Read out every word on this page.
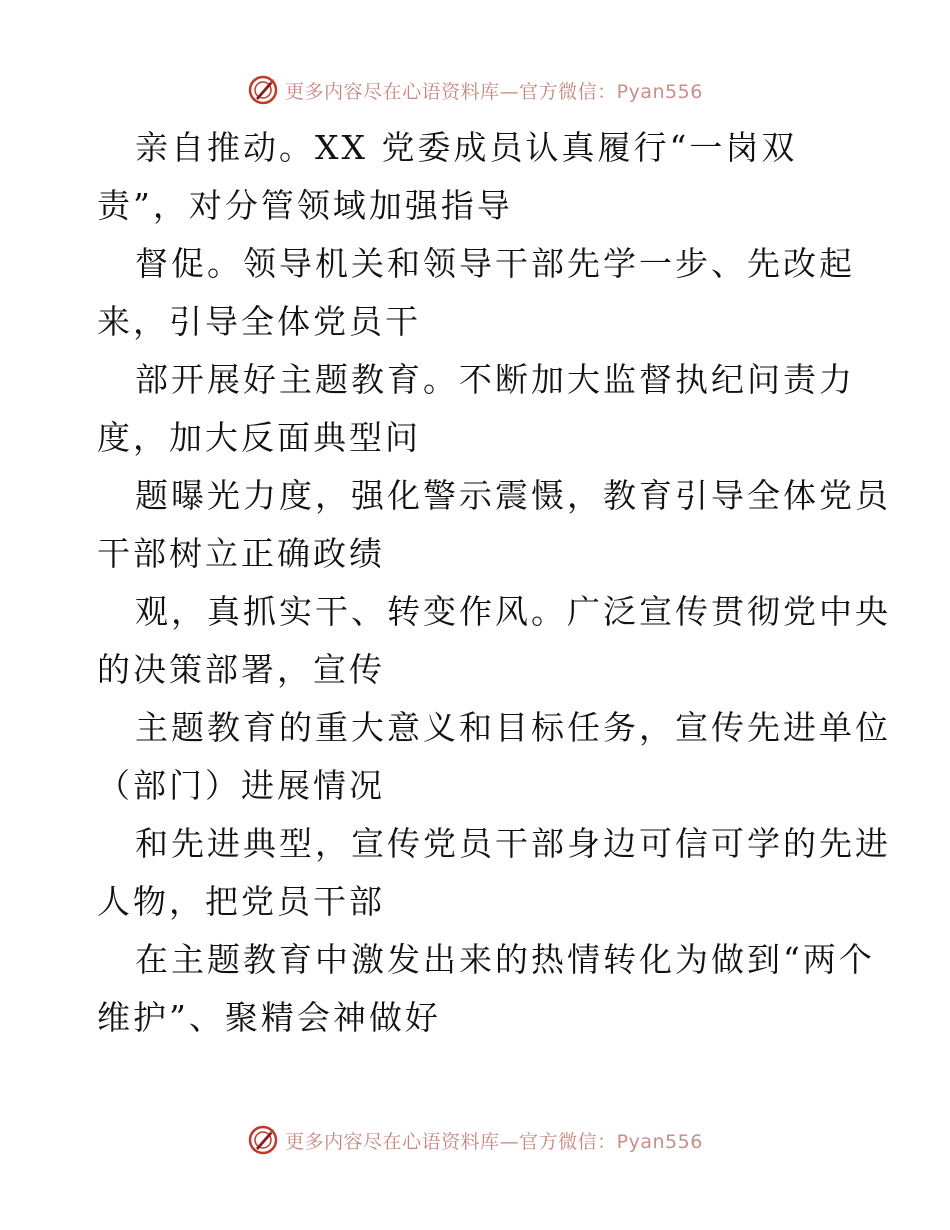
更多内容尽在心语资料库—官方微信：Pyan556
亲自推动。XX 党委成员认真履行“一岗双
责”，对分管领域加强指导
督促。领导机关和领导干部先学一步、先改起
来，引导全体党员干
部开展好主题教育。不断加大监督执纪问责力
度，加大反面典型问
题曝光力度，强化警示震慑，教育引导全体党员
干部树立正确政绩
观，真抓实干、转变作风。广泛宣传贯彻党中央
的决策部署，宣传
主题教育的重大意义和目标任务，宣传先进单位
（部门）进展情况
和先进典型，宣传党员干部身边可信可学的先进
人物，把党员干部
在主题教育中激发出来的热情转化为做到“两个
维护”、聚精会神做好
更多内容尽在心语资料库—官方微信：Pyan556
